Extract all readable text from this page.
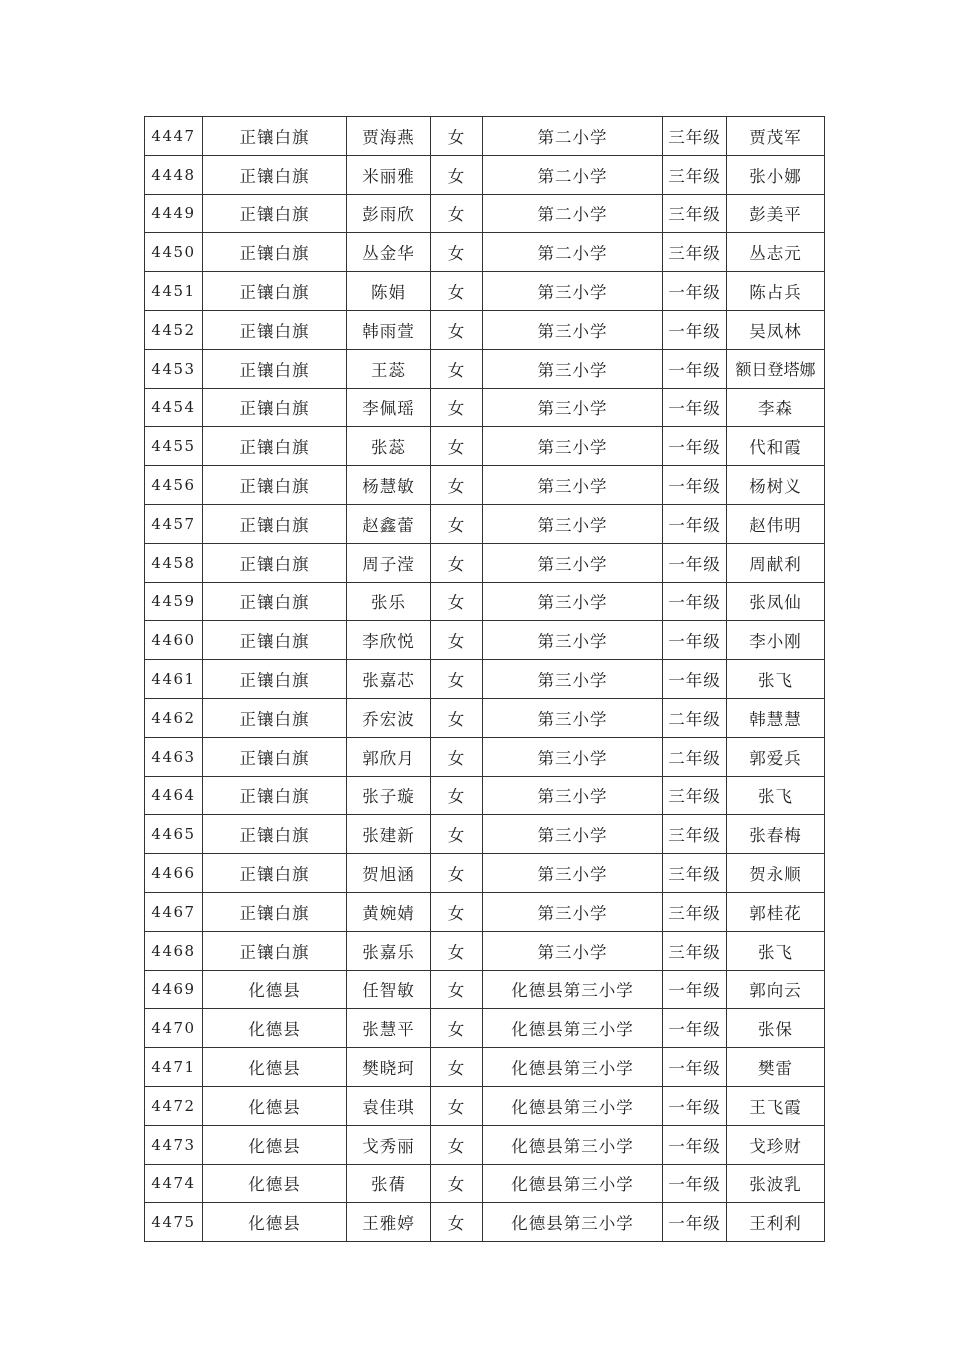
4447	正镶白旗	贾海燕	女	第二小学	三年级	贾茂军
4448	正镶白旗	米丽雅	女	第二小学	三年级	张小娜
4449	正镶白旗	彭雨欣	女	第二小学	三年级	彭美平
4450	正镶白旗	丛金华	女	第二小学	三年级	丛志元
4451	正镶白旗	陈娟	女	第三小学	一年级	陈占兵
4452	正镶白旗	韩雨萱	女	第三小学	一年级	吴凤林
4453	正镶白旗	王蕊	女	第三小学	一年级	额日登塔娜
4454	正镶白旗	李佩瑶	女	第三小学	一年级	李森
4455	正镶白旗	张蕊	女	第三小学	一年级	代和霞
4456	正镶白旗	杨慧敏	女	第三小学	一年级	杨树义
4457	正镶白旗	赵鑫蕾	女	第三小学	一年级	赵伟明
4458	正镶白旗	周子滢	女	第三小学	一年级	周献利
4459	正镶白旗	张乐	女	第三小学	一年级	张凤仙
4460	正镶白旗	李欣悦	女	第三小学	一年级	李小刚
4461	正镶白旗	张嘉芯	女	第三小学	一年级	张飞
4462	正镶白旗	乔宏波	女	第三小学	二年级	韩慧慧
4463	正镶白旗	郭欣月	女	第三小学	二年级	郭爱兵
4464	正镶白旗	张子璇	女	第三小学	三年级	张飞
4465	正镶白旗	张建新	女	第三小学	三年级	张春梅
4466	正镶白旗	贺旭涵	女	第三小学	三年级	贺永顺
4467	正镶白旗	黄婉婧	女	第三小学	三年级	郭桂花
4468	正镶白旗	张嘉乐	女	第三小学	三年级	张飞
4469	化德县	任智敏	女	化德县第三小学	一年级	郭向云
4470	化德县	张慧平	女	化德县第三小学	一年级	张保
4471	化德县	樊晓珂	女	化德县第三小学	一年级	樊雷
4472	化德县	袁佳琪	女	化德县第三小学	一年级	王飞霞
4473	化德县	戈秀丽	女	化德县第三小学	一年级	戈珍财
4474	化德县	张蒨	女	化德县第三小学	一年级	张波乳
4475	化德县	王雅婷	女	化德县第三小学	一年级	王利利
